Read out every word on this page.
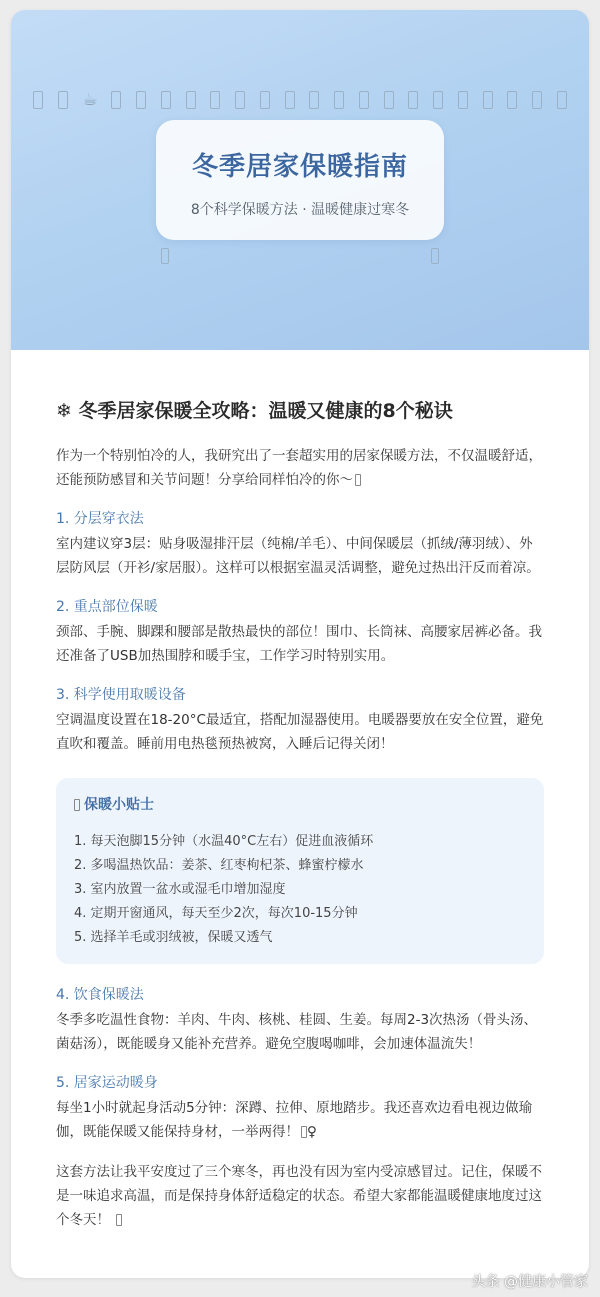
☕
冬季居家保暖指南
8个科学保暖方法 · 温暖健康过寒冬
❄ 冬季居家保暖全攻略：温暖又健康的8个秘诀

作为一个特别怕冷的人，我研究出了一套超实用的居家保暖方法，不仅温暖舒适，还能预防感冒和关节问题！分享给同样怕冷的你～

1. 分层穿衣法

室内建议穿3层：贴身吸湿排汗层（纯棉/羊毛）、中间保暖层（抓绒/薄羽绒）、外层防风层（开衫/家居服）。这样可以根据室温灵活调整，避免过热出汗反而着凉。

2. 重点部位保暖

颈部、手腕、脚踝和腰部是散热最快的部位！围巾、长筒袜、高腰家居裤必备。我还准备了USB加热围脖和暖手宝，工作学习时特别实用。

3. 科学使用取暖设备

空调温度设置在18-20°C最适宜，搭配加湿器使用。电暖器要放在安全位置，避免直吹和覆盖。睡前用电热毯预热被窝，入睡后记得关闭！

保暖小贴士
1. 每天泡脚15分钟（水温40°C左右）促进血液循环
2. 多喝温热饮品：姜茶、红枣枸杞茶、蜂蜜柠檬水
3. 室内放置一盆水或湿毛巾增加湿度
4. 定期开窗通风，每天至少2次，每次10-15分钟
5. 选择羊毛或羽绒被，保暖又透气
4. 饮食保暖法

冬季多吃温性食物：羊肉、牛肉、核桃、桂圆、生姜。每周2-3次热汤（骨头汤、菌菇汤），既能暖身又能补充营养。避免空腹喝咖啡，会加速体温流失！

5. 居家运动暖身

每坐1小时就起身活动5分钟：深蹲、拉伸、原地踏步。我还喜欢边看电视边做瑜伽，既能保暖又能保持身材，一举两得！ ♀

这套方法让我平安度过了三个寒冬，再也没有因为室内受凉感冒过。记住，保暖不是一味追求高温，而是保持身体舒适稳定的状态。希望大家都能温暖健康地度过这个冬天！

头条 @健康小管家
